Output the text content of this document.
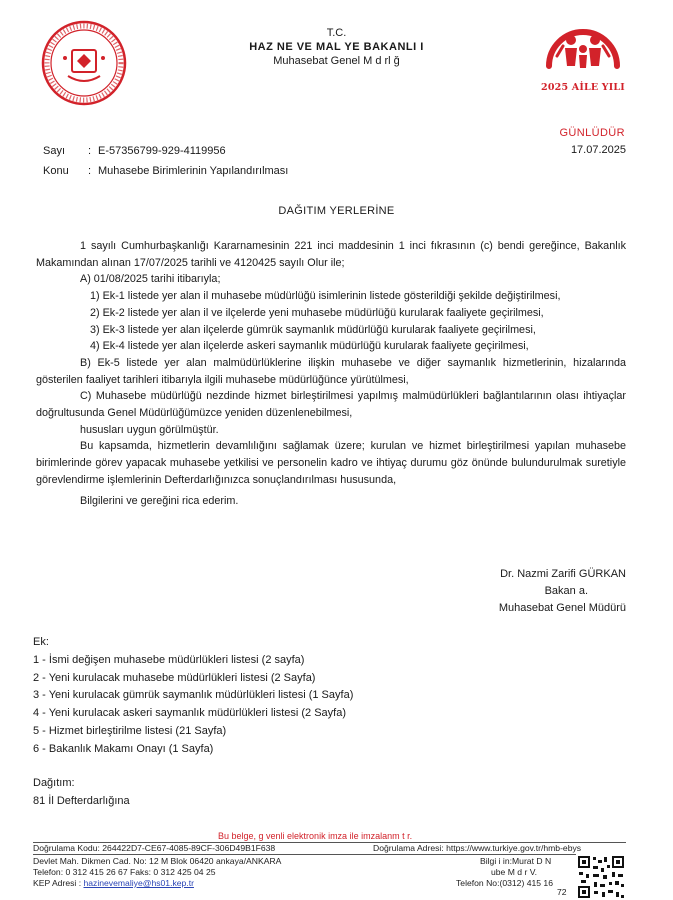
2025 AİLE YILI
T.C.
HAZ NE VE MAL YE BAKANLI I
Muhasebat Genel M d rl ğ
GÜNLÜDÜR
17.07.2025
Sayı : E-57356799-929-4119956
Konu : Muhasebe Birimlerinin Yapılandırılması
DAĞITIM YERLERİNE

1 sayılı Cumhurbaşkanlığı Kararnamesinin 221 inci maddesinin 1 inci fıkrasının (c) bendi gereğince, Bakanlık Makamından alınan 17/07/2025 tarihli ve 4120425 sayılı Olur ile;

A) 01/08/2025 tarihi itibarıyla;

1) Ek-1 listede yer alan il muhasebe müdürlüğü isimlerinin listede gösterildiği şekilde değiştirilmesi,

2) Ek-2 listede yer alan il ve ilçelerde yeni muhasebe müdürlüğü kurularak faaliyete geçirilmesi,

3) Ek-3 listede yer alan ilçelerde gümrük saymanlık müdürlüğü kurularak faaliyete geçirilmesi,

4) Ek-4 listede yer alan ilçelerde askeri saymanlık müdürlüğü kurularak faaliyete geçirilmesi,

B) Ek-5 listede yer alan malmüdürlüklerine ilişkin muhasebe ve diğer saymanlık hizmetlerinin, hizalarında gösterilen faaliyet tarihleri itibarıyla ilgili muhasebe müdürlüğünce yürütülmesi,

C) Muhasebe müdürlüğü nezdinde hizmet birleştirilmesi yapılmış malmüdürlükleri bağlantılarının olası ihtiyaçlar doğrultusunda Genel Müdürlüğümüzce yeniden düzenlenebilmesi,

hususları uygun görülmüştür.

Bu kapsamda, hizmetlerin devamlılığını sağlamak üzere; kurulan ve hizmet birleştirilmesi yapılan muhasebe birimlerinde görev yapacak muhasebe yetkilisi ve personelin kadro ve ihtiyaç durumu göz önünde bulundurulmak suretiyle görevlendirme işlemlerinin Defterdarlığınızca sonuçlandırılması hususunda,

Bilgilerini ve gereğini rica ederim.

Dr. Nazmi Zarifi GÜRKAN
Bakan a.
Muhasebat Genel Müdürü
Ek:
1 - İsmi değişen muhasebe müdürlükleri listesi (2 sayfa)
2 - Yeni kurulacak muhasebe müdürlükleri listesi (2 Sayfa)
3 - Yeni kurulacak gümrük saymanlık müdürlükleri listesi (1 Sayfa)
4 - Yeni kurulacak askeri saymanlık müdürlükleri listesi (2 Sayfa)
5 - Hizmet birleştirilme listesi (21 Sayfa)
6 - Bakanlık Makamı Onayı (1 Sayfa)
Dağıtım:
81 İl Defterdarlığına
Bu belge, g venli elektronik imza ile imzalanm t r.
Doğrulama Kodu: 264422D7-CE67-4085-89CF-306D49B1F638	Doğrulama Adresi: https://www.turkiye.gov.tr/hmb-ebys
Devlet Mah. Dikmen Cad. No: 12 M Blok 06420 ankaya/ANKARA	Bilgi i in:Murat D N
Telefon: 0 312 415 26 67 Faks: 0 312 425 04 25	ube M d r V.
KEP Adresi : hazinevemaliye@hs01.kep.tr	Telefon No:(0312) 415 16
72
